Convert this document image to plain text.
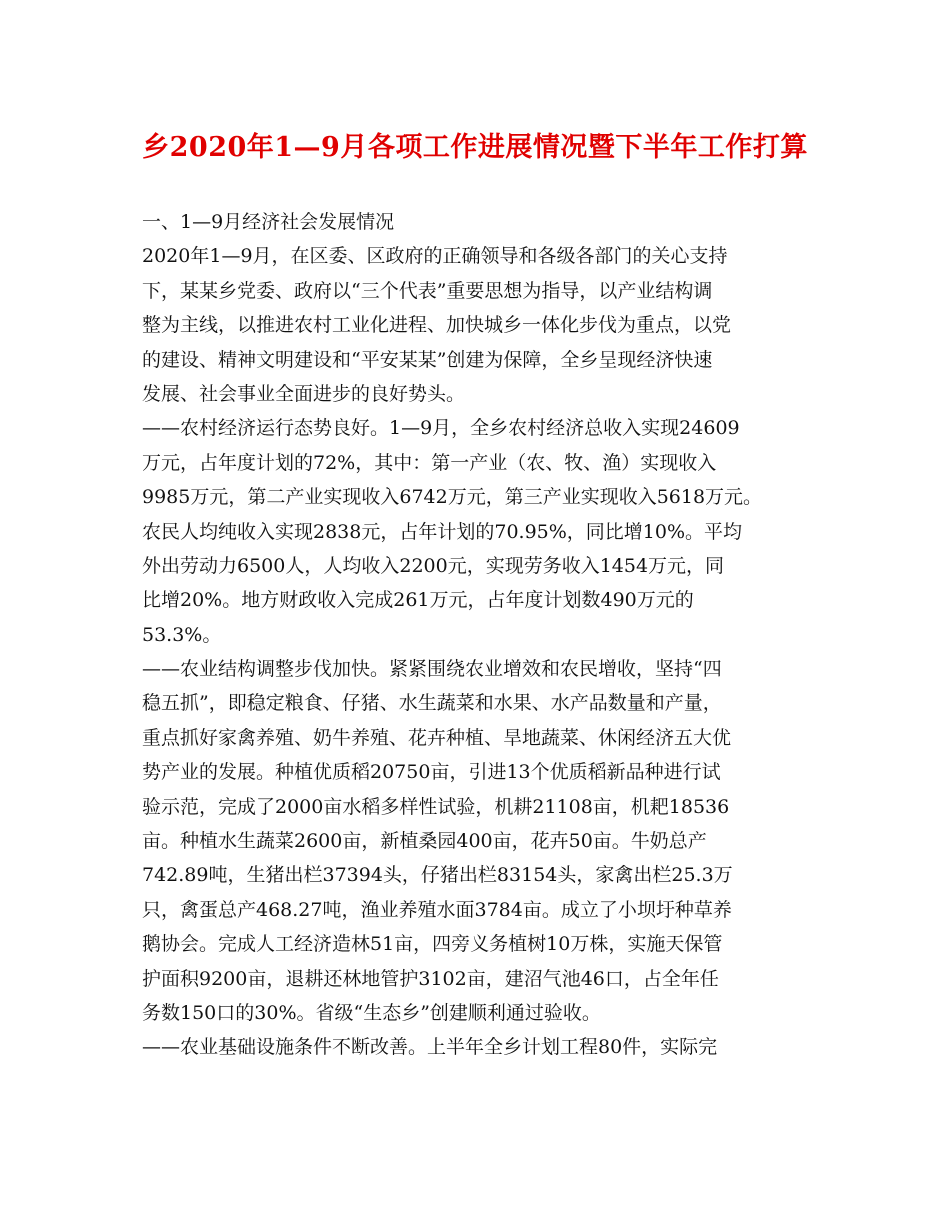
乡2020年1—9月各项工作进展情况暨下半年工作打算
一、1—9月经济社会发展情况
2020年1—9月，在区委、区政府的正确领导和各级各部门的关心支持
下，某某乡党委、政府以“三个代表”重要思想为指导，以产业结构调
整为主线，以推进农村工业化进程、加快城乡一体化步伐为重点，以党
的建设、精神文明建设和“平安某某”创建为保障，全乡呈现经济快速
发展、社会事业全面进步的良好势头。
——农村经济运行态势良好。1—9月，全乡农村经济总收入实现24609
万元，占年度计划的72%，其中：第一产业（农、牧、渔）实现收入
9985万元，第二产业实现收入6742万元，第三产业实现收入5618万元。
农民人均纯收入实现2838元，占年计划的70.95%，同比增10%。平均
外出劳动力6500人，人均收入2200元，实现劳务收入1454万元，同
比增20%。地方财政收入完成261万元，占年度计划数490万元的
53.3%。
——农业结构调整步伐加快。紧紧围绕农业增效和农民增收，坚持“四
稳五抓”，即稳定粮食、仔猪、水生蔬菜和水果、水产品数量和产量，
重点抓好家禽养殖、奶牛养殖、花卉种植、旱地蔬菜、休闲经济五大优
势产业的发展。种植优质稻20750亩，引进13个优质稻新品种进行试
验示范，完成了2000亩水稻多样性试验，机耕21108亩，机耙18536
亩。种植水生蔬菜2600亩，新植桑园400亩，花卉50亩。牛奶总产
742.89吨，生猪出栏37394头，仔猪出栏83154头，家禽出栏25.3万
只，禽蛋总产468.27吨，渔业养殖水面3784亩。成立了小坝圩种草养
鹅协会。完成人工经济造林51亩，四旁义务植树10万株，实施天保管
护面积9200亩，退耕还林地管护3102亩，建沼气池46口，占全年任
务数150口的30%。省级“生态乡”创建顺利通过验收。
——农业基础设施条件不断改善。上半年全乡计划工程80件，实际完
